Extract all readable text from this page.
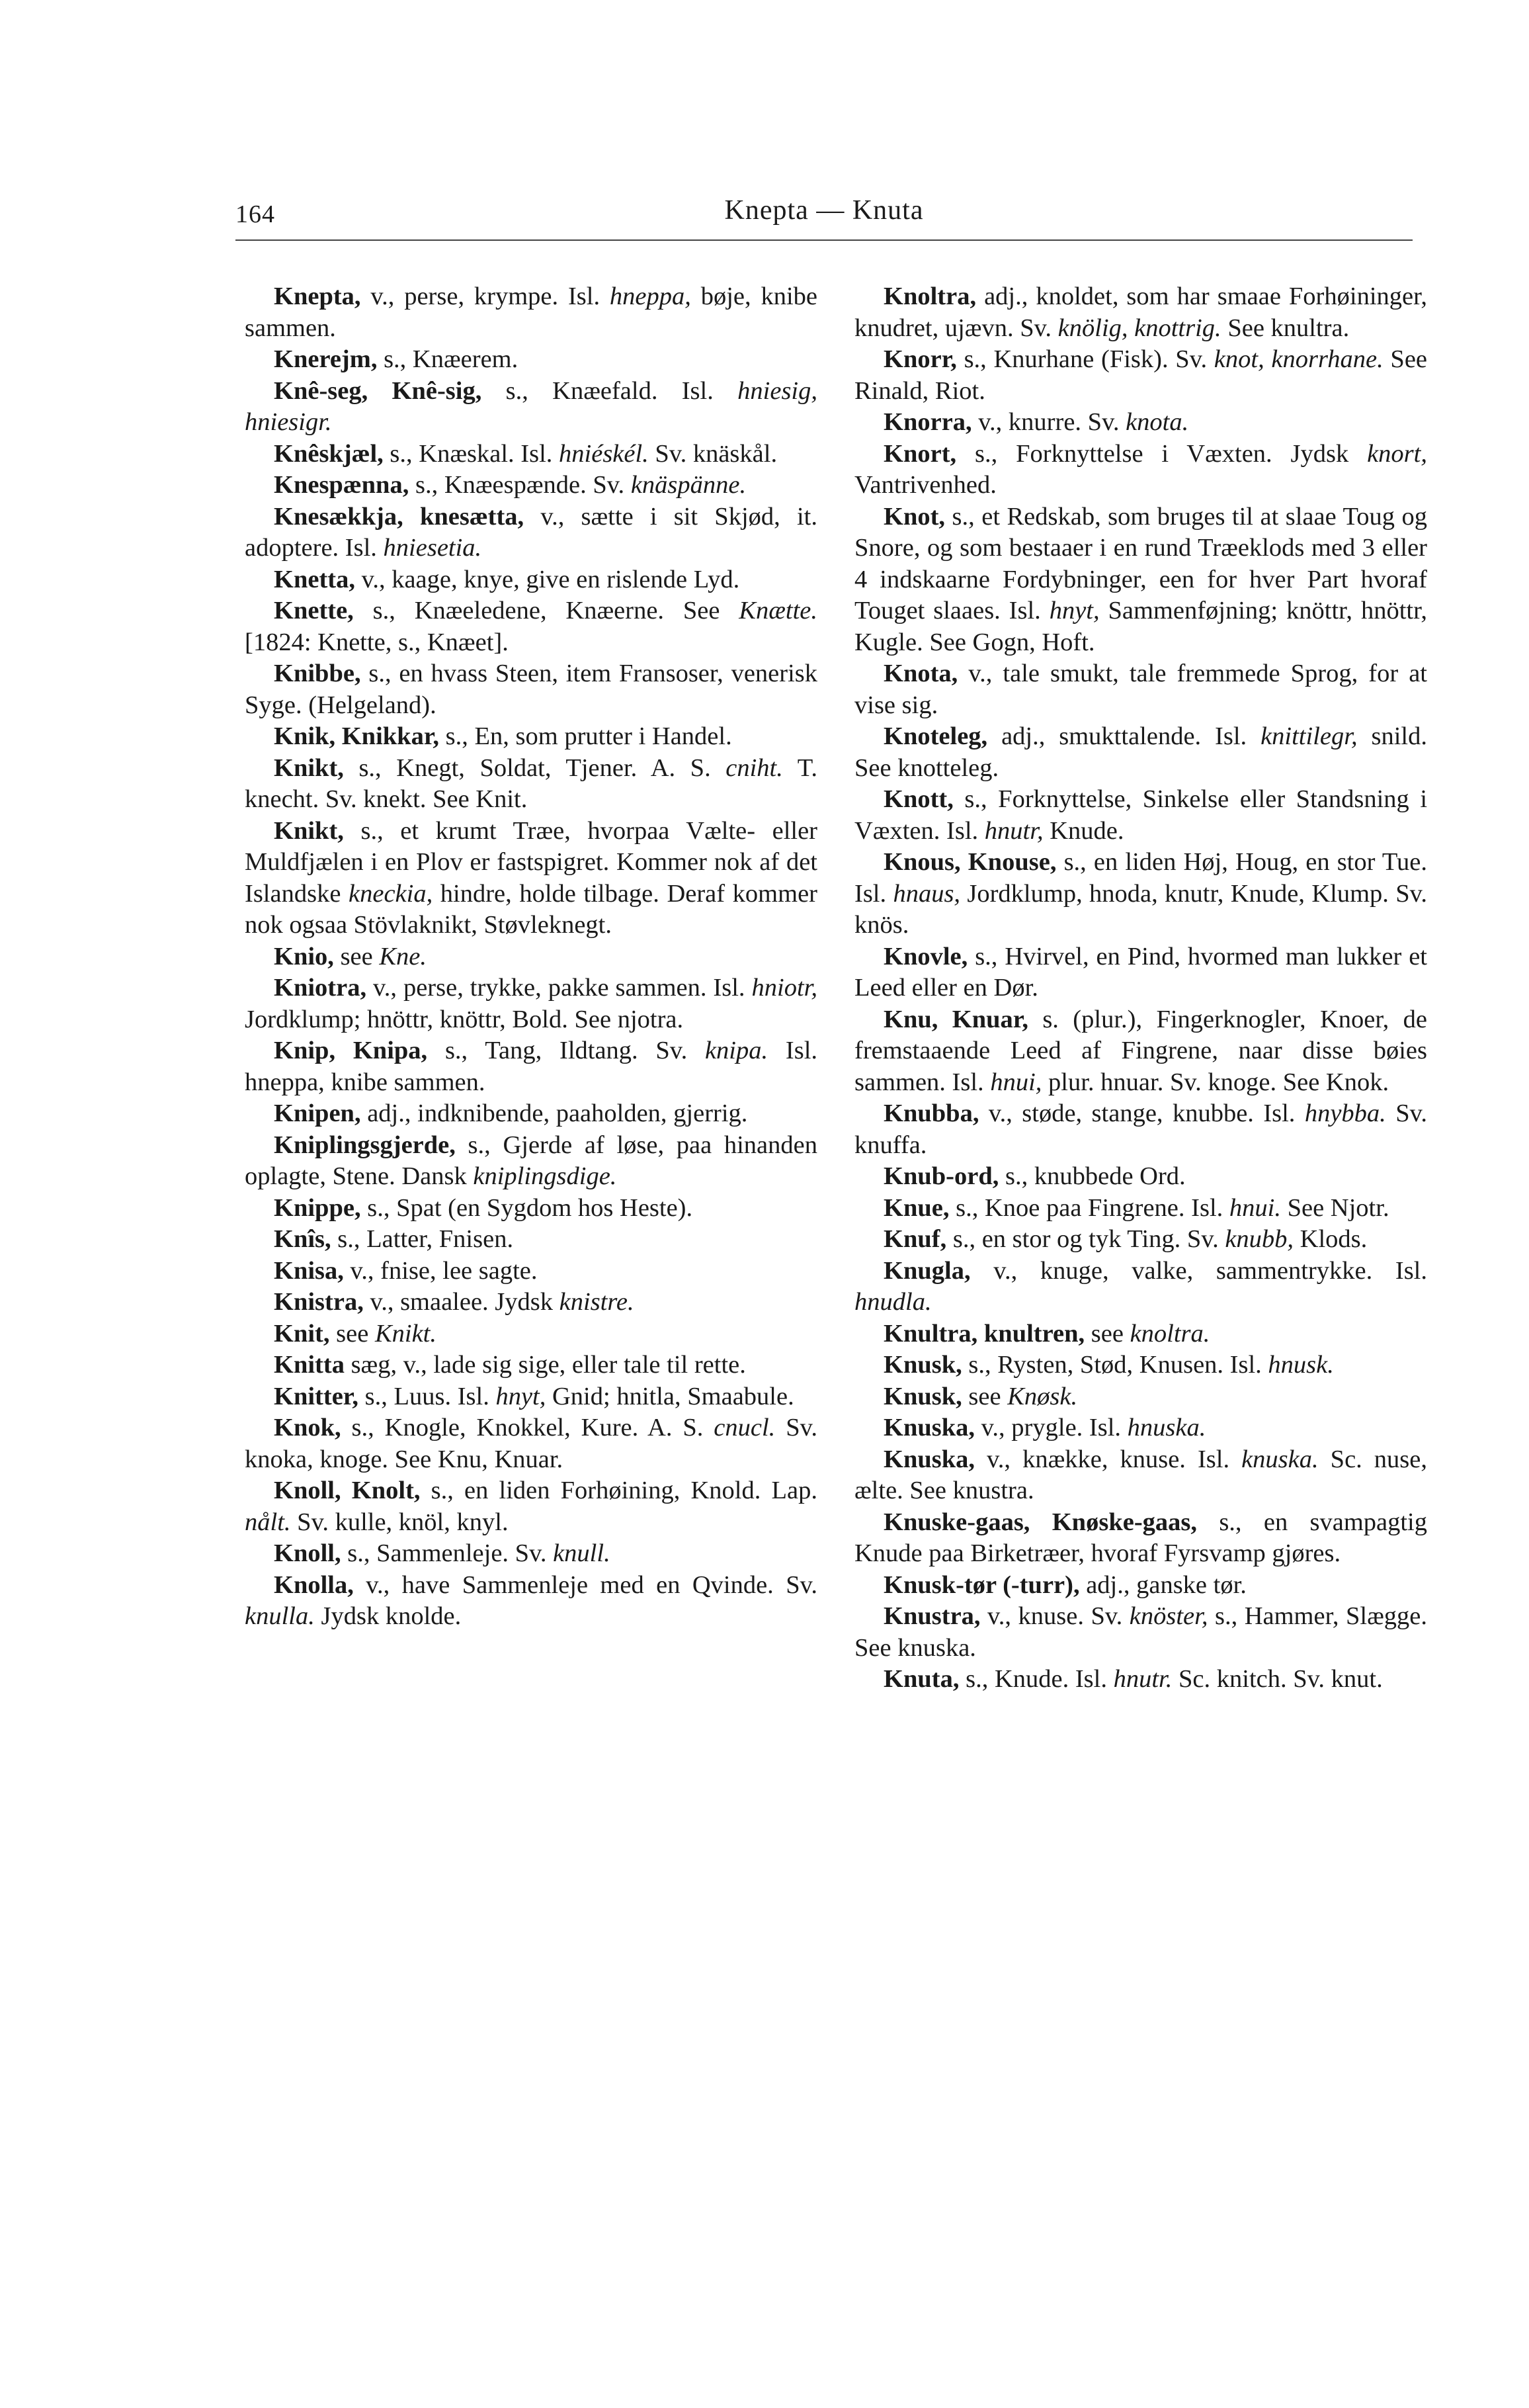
164	Knepta — Knuta

Knepta, v., perse, krympe. Isl. hneppa, bøje, knibe sammen.

Knerejm, s., Knæerem.

Knê-seg, Knê-sig, s., Knæefald. Isl. hniesig, hniesigr.

Knêskjæl, s., Knæskal. Isl. hniéskél. Sv. knäskål.

Knespænna, s., Knæespænde. Sv. knäspänne.

Knesækkja, knesætta, v., sætte i sit Skjød, it. adoptere. Isl. hniesetia.

Knetta, v., kaage, knye, give en rislende Lyd.

Knette, s., Knæeledene, Knæerne. See Knætte. [1824: Knette, s., Knæet].

Knibbe, s., en hvass Steen, item Fransoser, venerisk Syge. (Helgeland).

Knik, Knikkar, s., En, som prutter i Handel.

Knikt, s., Knegt, Soldat, Tjener. A. S. cniht. T. knecht. Sv. knekt. See Knit.

Knikt, s., et krumt Træe, hvorpaa Vælte- eller Muldfjælen i en Plov er fastspigret. Kommer nok af det Islandske kneckia, hindre, holde tilbage. Deraf kommer nok ogsaa Stövlaknikt, Støvleknegt.

Knio, see Kne.

Kniotra, v., perse, trykke, pakke sammen. Isl. hniotr, Jordklump; hnöttr, knöttr, Bold. See njotra.

Knip, Knipa, s., Tang, Ildtang. Sv. knipa. Isl. hneppa, knibe sammen.

Knipen, adj., indknibende, paaholden, gjerrig.

Kniplingsgjerde, s., Gjerde af løse, paa hinanden oplagte, Stene. Dansk kniplingsdige.

Knippe, s., Spat (en Sygdom hos Heste).

Knîs, s., Latter, Fnisen.

Knisa, v., fnise, lee sagte.

Knistra, v., smaalee. Jydsk knistre.

Knit, see Knikt.

Knitta sæg, v., lade sig sige, eller tale til rette.

Knitter, s., Luus. Isl. hnyt, Gnid; hnitla, Smaabule.

Knok, s., Knogle, Knokkel, Kure. A. S. cnucl. Sv. knoka, knoge. See Knu, Knuar.

Knoll, Knolt, s., en liden Forhøining, Knold. Lap. nålt. Sv. kulle, knöl, knyl.

Knoll, s., Sammenleje. Sv. knull.

Knolla, v., have Sammenleje med en Qvinde. Sv. knulla. Jydsk knolde.

Knoltra, adj., knoldet, som har smaae Forhøininger, knudret, ujævn. Sv. knölig, knottrig. See knultra.

Knorr, s., Knurhane (Fisk). Sv. knot, knorrhane. See Rinald, Riot.

Knorra, v., knurre. Sv. knota.

Knort, s., Forknyttelse i Væxten. Jydsk knort, Vantrivenhed.

Knot, s., et Redskab, som bruges til at slaae Toug og Snore, og som bestaaer i en rund Træeklods med 3 eller 4 indskaarne Fordybninger, een for hver Part hvoraf Touget slaaes. Isl. hnyt, Sammenføjning; knöttr, hnöttr, Kugle. See Gogn, Hoft.

Knota, v., tale smukt, tale fremmede Sprog, for at vise sig.

Knoteleg, adj., smukttalende. Isl. knittilegr, snild. See knotteleg.

Knott, s., Forknyttelse, Sinkelse eller Standsning i Væxten. Isl. hnutr, Knude.

Knous, Knouse, s., en liden Høj, Houg, en stor Tue. Isl. hnaus, Jordklump, hnoda, knutr, Knude, Klump. Sv. knös.

Knovle, s., Hvirvel, en Pind, hvormed man lukker et Leed eller en Dør.

Knu, Knuar, s. (plur.), Fingerknogler, Knoer, de fremstaaende Leed af Fingrene, naar disse bøies sammen. Isl. hnui, plur. hnuar. Sv. knoge. See Knok.

Knubba, v., støde, stange, knubbe. Isl. hnybba. Sv. knuffa.

Knub-ord, s., knubbede Ord.

Knue, s., Knoe paa Fingrene. Isl. hnui. See Njotr.

Knuf, s., en stor og tyk Ting. Sv. knubb, Klods.

Knugla, v., knuge, valke, sammentrykke. Isl. hnudla.

Knultra, knultren, see knoltra.

Knusk, s., Rysten, Stød, Knusen. Isl. hnusk.

Knusk, see Knøsk.

Knuska, v., prygle. Isl. hnuska.

Knuska, v., knække, knuse. Isl. knuska. Sc. nuse, ælte. See knustra.

Knuske-gaas, Knøske-gaas, s., en svampagtig Knude paa Birketræer, hvoraf Fyrsvamp gjøres.

Knusk-tør (-turr), adj., ganske tør.

Knustra, v., knuse. Sv. knöster, s., Hammer, Slægge. See knuska.

Knuta, s., Knude. Isl. hnutr. Sc. knitch. Sv. knut.
